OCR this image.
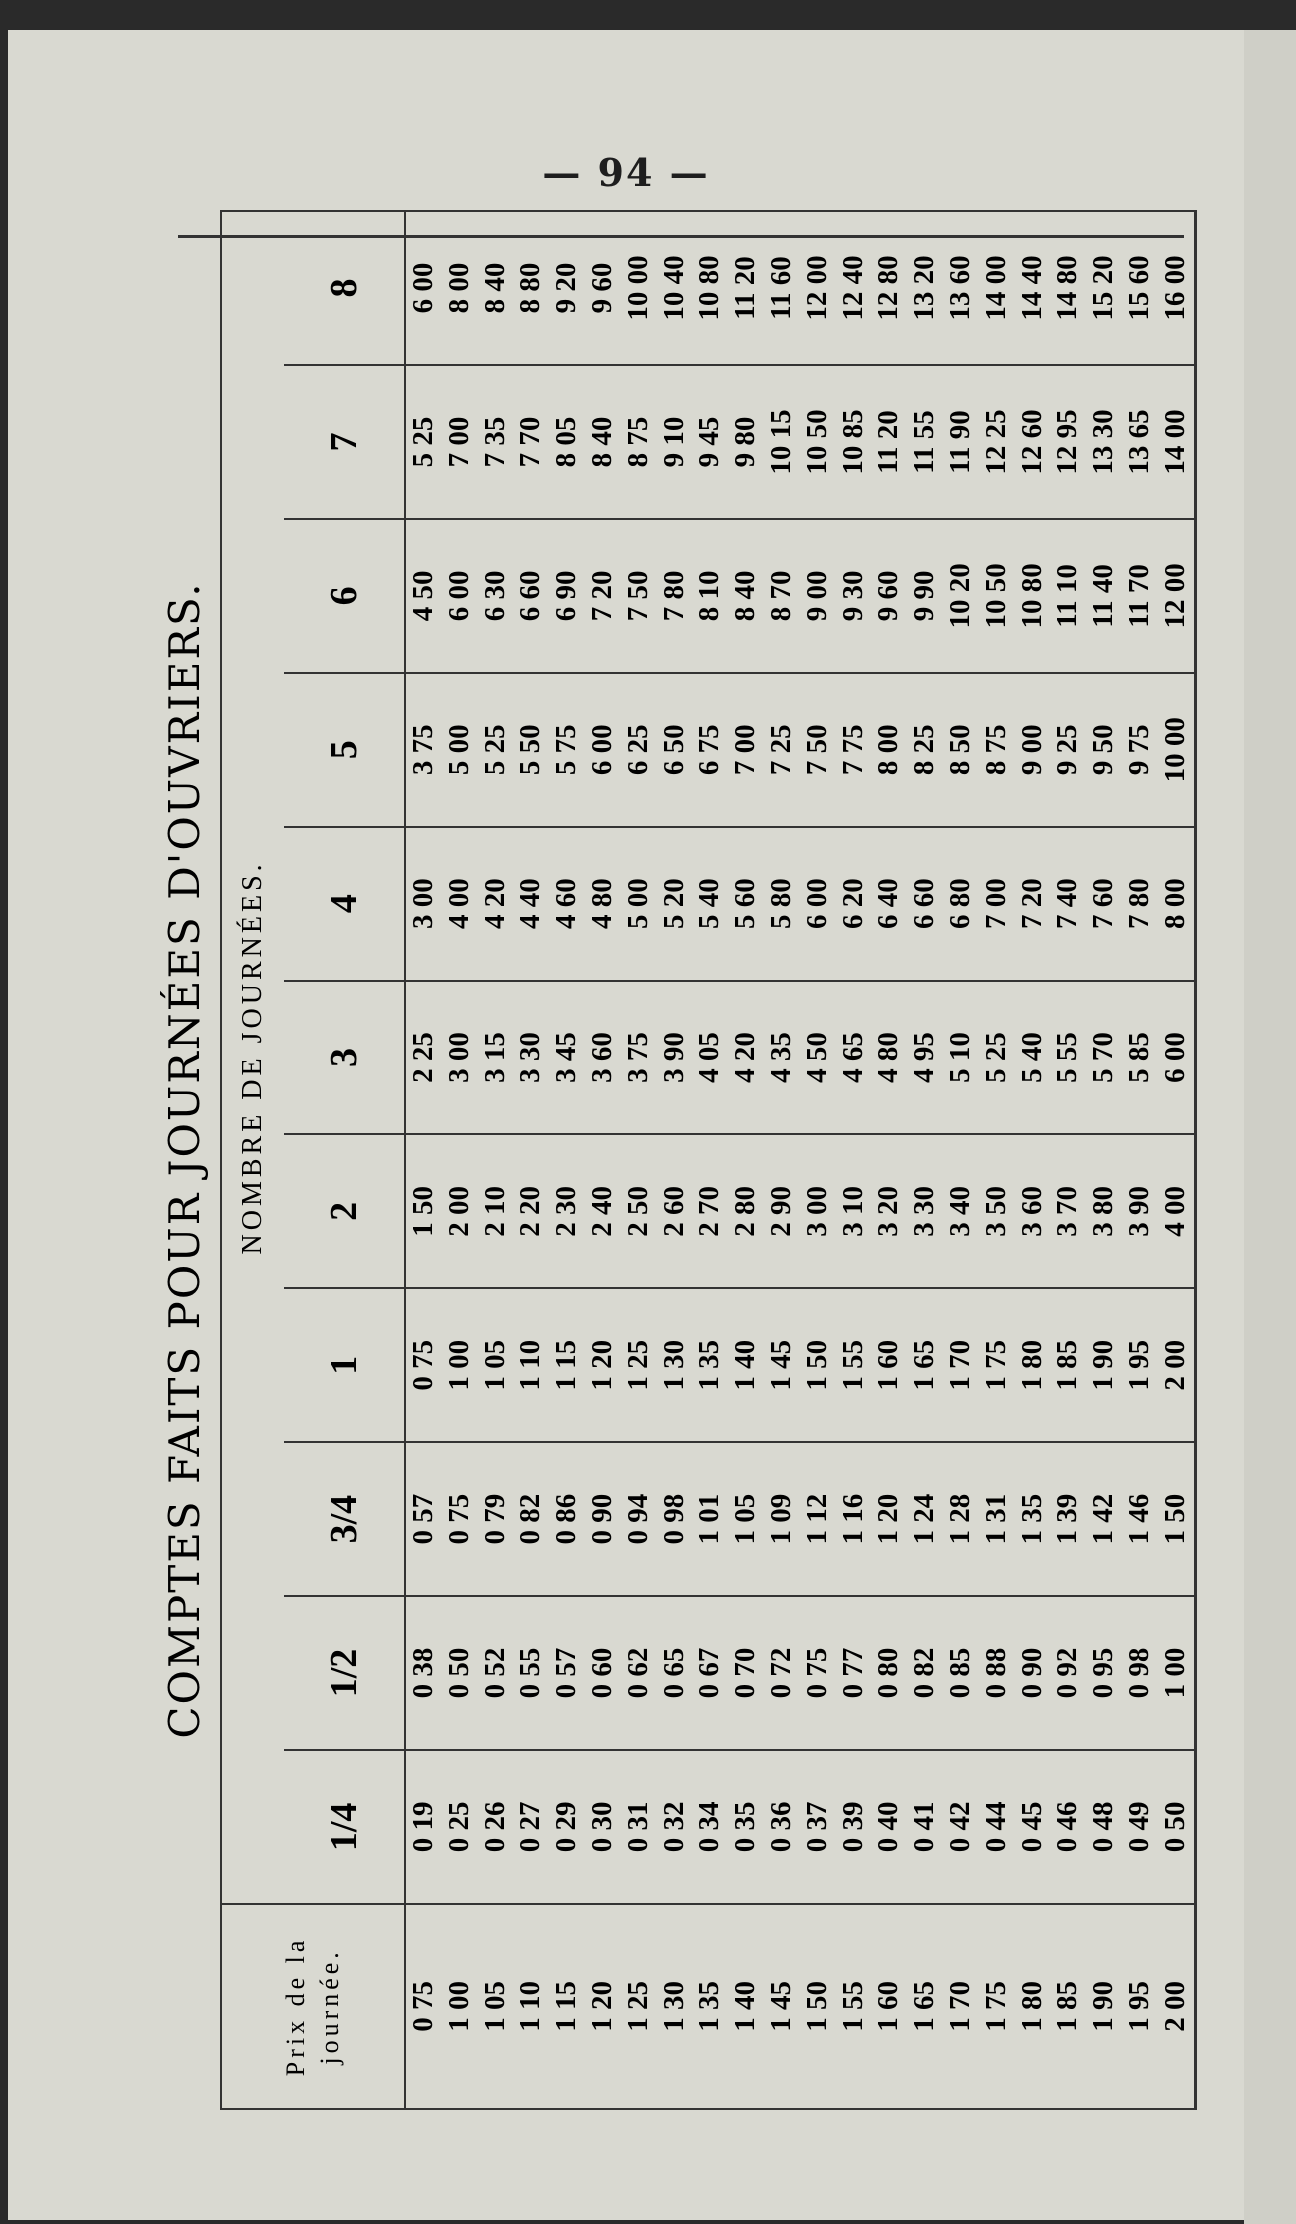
— 94 —
COMPTES FAITS POUR JOURNÉES D'OUVRIERS.
Prix de la journée.	NOMBRE DE JOURNÉES.										
	1/4	1/2	3/4	1	2	3	4	5	6	7	8
0 75	0 19	0 38	0 57	0 75	1 50	2 25	3 00	3 75	4 50	5 25	6 00
1 00	0 25	0 50	0 75	1 00	2 00	3 00	4 00	5 00	6 00	7 00	8 00
1 05	0 26	0 52	0 79	1 05	2 10	3 15	4 20	5 25	6 30	7 35	8 40
1 10	0 27	0 55	0 82	1 10	2 20	3 30	4 40	5 50	6 60	7 70	8 80
1 15	0 29	0 57	0 86	1 15	2 30	3 45	4 60	5 75	6 90	8 05	9 20
1 20	0 30	0 60	0 90	1 20	2 40	3 60	4 80	6 00	7 20	8 40	9 60
1 25	0 31	0 62	0 94	1 25	2 50	3 75	5 00	6 25	7 50	8 75	10 00
1 30	0 32	0 65	0 98	1 30	2 60	3 90	5 20	6 50	7 80	9 10	10 40
1 35	0 34	0 67	1 01	1 35	2 70	4 05	5 40	6 75	8 10	9 45	10 80
1 40	0 35	0 70	1 05	1 40	2 80	4 20	5 60	7 00	8 40	9 80	11 20
1 45	0 36	0 72	1 09	1 45	2 90	4 35	5 80	7 25	8 70	10 15	11 60
1 50	0 37	0 75	1 12	1 50	3 00	4 50	6 00	7 50	9 00	10 50	12 00
1 55	0 39	0 77	1 16	1 55	3 10	4 65	6 20	7 75	9 30	10 85	12 40
1 60	0 40	0 80	1 20	1 60	3 20	4 80	6 40	8 00	9 60	11 20	12 80
1 65	0 41	0 82	1 24	1 65	3 30	4 95	6 60	8 25	9 90	11 55	13 20
1 70	0 42	0 85	1 28	1 70	3 40	5 10	6 80	8 50	10 20	11 90	13 60
1 75	0 44	0 88	1 31	1 75	3 50	5 25	7 00	8 75	10 50	12 25	14 00
1 80	0 45	0 90	1 35	1 80	3 60	5 40	7 20	9 00	10 80	12 60	14 40
1 85	0 46	0 92	1 39	1 85	3 70	5 55	7 40	9 25	11 10	12 95	14 80
1 90	0 48	0 95	1 42	1 90	3 80	5 70	7 60	9 50	11 40	13 30	15 20
1 95	0 49	0 98	1 46	1 95	3 90	5 85	7 80	9 75	11 70	13 65	15 60
2 00	0 50	1 00	1 50	2 00	4 00	6 00	8 00	10 00	12 00	14 00	16 00
